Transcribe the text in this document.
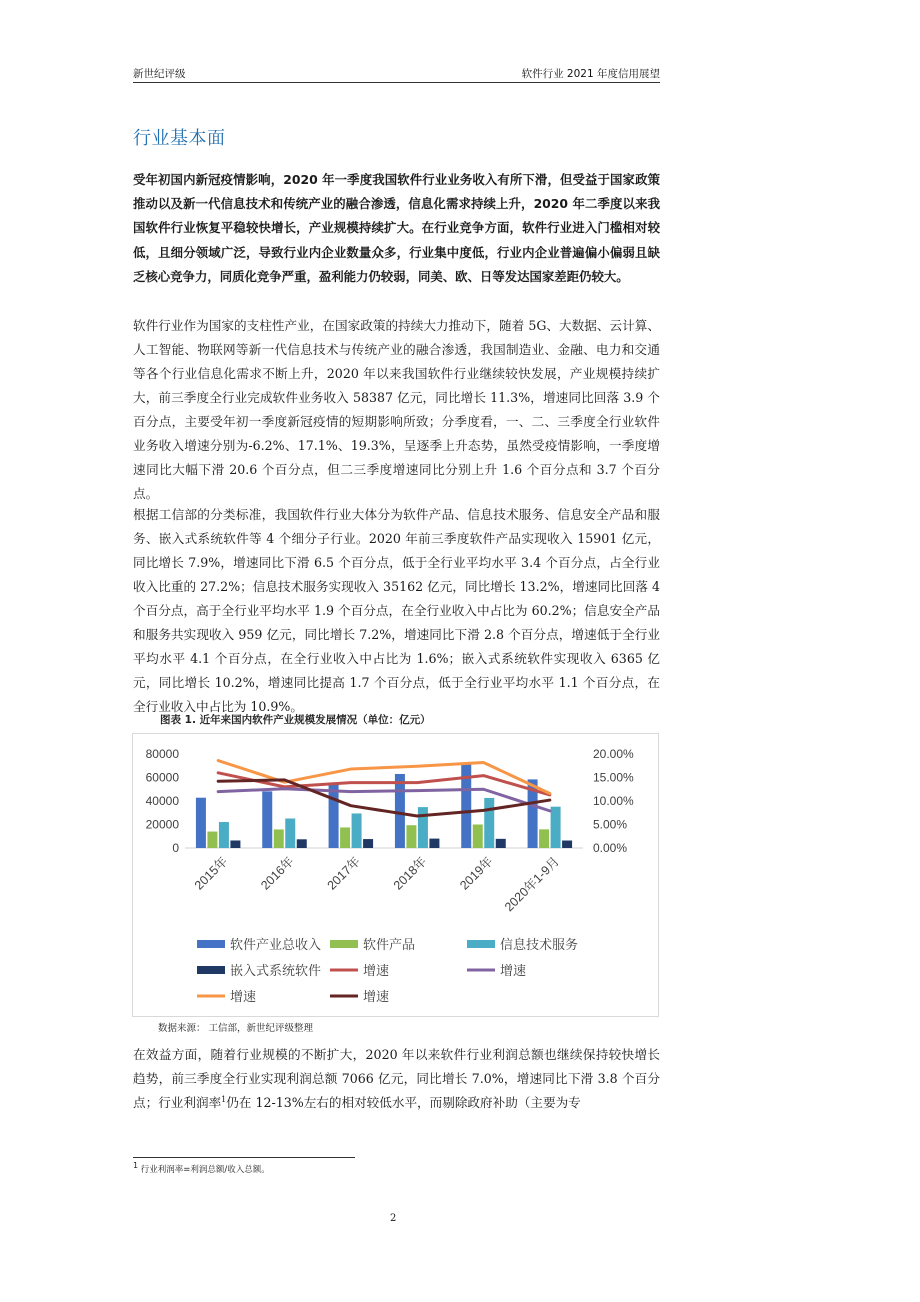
新世纪评级	软件行业 2021 年度信用展望
行业基本面

受年初国内新冠疫情影响，2020 年一季度我国软件行业业务收入有所下滑，但受益于国家政策推动以及新一代信息技术和传统产业的融合渗透，信息化需求持续上升，2020 年二季度以来我国软件行业恢复平稳较快增长，产业规模持续扩大。在行业竞争方面，软件行业进入门槛相对较低，且细分领域广泛，导致行业内企业数量众多，行业集中度低，行业内企业普遍偏小偏弱且缺乏核心竞争力，同质化竞争严重，盈利能力仍较弱，同美、欧、日等发达国家差距仍较大。

软件行业作为国家的支柱性产业，在国家政策的持续大力推动下，随着 5G、大数据、云计算、人工智能、物联网等新一代信息技术与传统产业的融合渗透，我国制造业、金融、电力和交通等各个行业信息化需求不断上升，2020 年以来我国软件行业继续较快发展，产业规模持续扩大，前三季度全行业完成软件业务收入 58387 亿元，同比增长 11.3%，增速同比回落 3.9 个百分点，主要受年初一季度新冠疫情的短期影响所致；分季度看，一、二、三季度全行业软件业务收入增速分别为-6.2%、17.1%、19.3%，呈逐季上升态势，虽然受疫情影响，一季度增速同比大幅下滑 20.6 个百分点，但二三季度增速同比分别上升 1.6 个百分点和 3.7 个百分点。

根据工信部的分类标准，我国软件行业大体分为软件产品、信息技术服务、信息安全产品和服务、嵌入式系统软件等 4 个细分子行业。2020 年前三季度软件产品实现收入 15901 亿元，同比增长 7.9%，增速同比下滑 6.5 个百分点，低于全行业平均水平 3.4 个百分点，占全行业收入比重的 27.2%；信息技术服务实现收入 35162 亿元，同比增长 13.2%，增速同比回落 4 个百分点，高于全行业平均水平 1.9 个百分点，在全行业收入中占比为 60.2%；信息安全产品和服务共实现收入 959 亿元，同比增长 7.2%，增速同比下滑 2.8 个百分点，增速低于全行业平均水平 4.1 个百分点，在全行业收入中占比为 1.6%；嵌入式系统软件实现收入 6365 亿元，同比增长 10.2%，增速同比提高 1.7 个百分点，低于全行业平均水平 1.1 个百分点，在全行业收入中占比为 10.9%。

图表 1. 近年来国内软件产业规模发展情况（单位：亿元）
0
20000
40000
60000
80000
0.00%
5.00%
10.00%
15.00%
20.00%
2015年 2016年 2017年 2018年 2019年 2020年1-9月
软件产业总收入	软件产品	信息技术服务
嵌入式系统软件	增速	增速
增速	增速
数据来源： 工信部，新世纪评级整理

在效益方面，随着行业规模的不断扩大，2020 年以来软件行业利润总额也继续保持较快增长趋势，前三季度全行业实现利润总额 7066 亿元，同比增长 7.0%，增速同比下滑 3.8 个百分点；行业利润率$^1$仍在 12-13%左右的相对较低水平，而剔除政府补助（主要为专

$^1$ 行业利润率=利润总额/收入总额。
2
